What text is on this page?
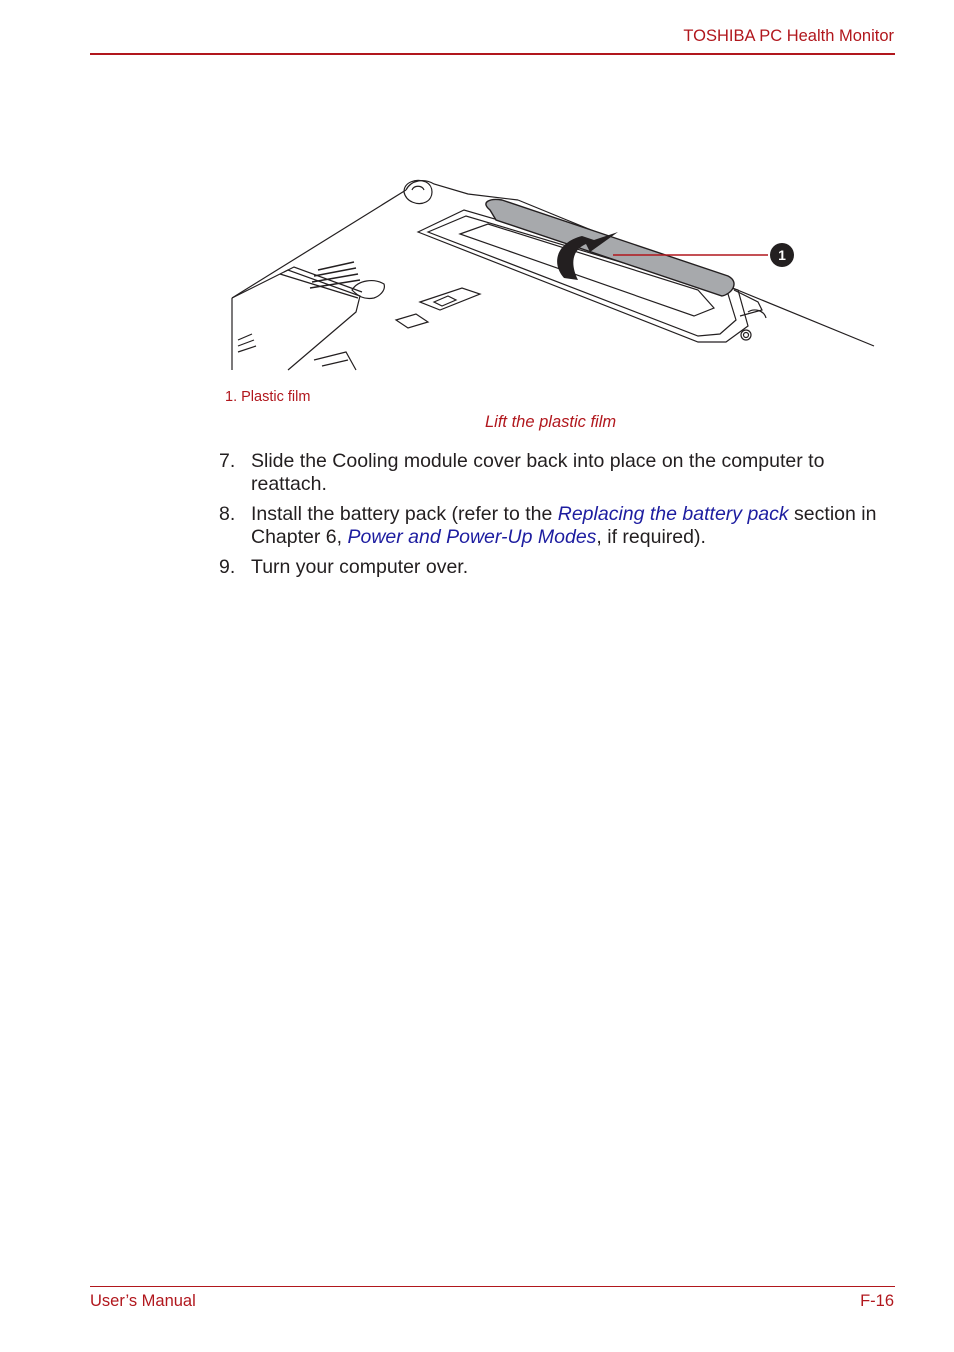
TOSHIBA PC Health Monitor
1
1. Plastic film
Lift the plastic film
7. Slide the Cooling module cover back into place on the computer to reattach.
8. Install the battery pack (refer to the Replacing the battery pack section in Chapter 6, Power and Power-Up Modes, if required).
9. Turn your computer over.
User’s Manual	F-16
